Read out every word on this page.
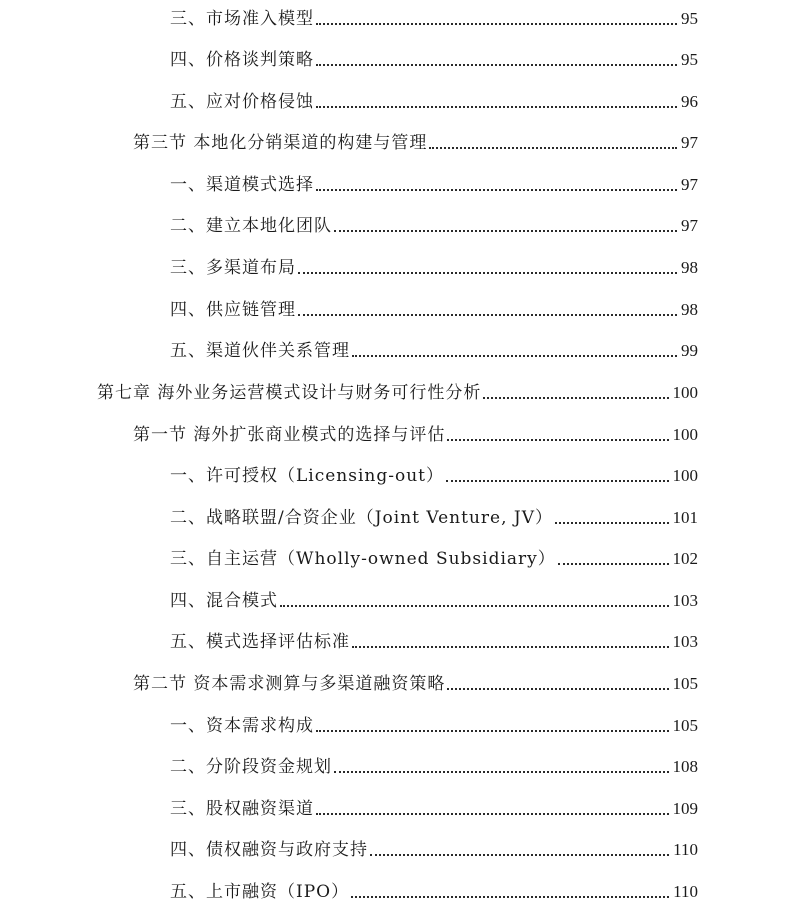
三、市场准入模型	95
四、价格谈判策略	95
五、应对价格侵蚀	96
第三节 本地化分销渠道的构建与管理	97
一、渠道模式选择	97
二、建立本地化团队	97
三、多渠道布局	98
四、供应链管理	98
五、渠道伙伴关系管理	99
第七章 海外业务运营模式设计与财务可行性分析	100
第一节 海外扩张商业模式的选择与评估	100
一、许可授权（Licensing-out）	100
二、战略联盟/合资企业（Joint Venture, JV）	101
三、自主运营（Wholly-owned Subsidiary）	102
四、混合模式	103
五、模式选择评估标准	103
第二节 资本需求测算与多渠道融资策略	105
一、资本需求构成	105
二、分阶段资金规划	108
三、股权融资渠道	109
四、债权融资与政府支持	110
五、上市融资（IPO）	110
